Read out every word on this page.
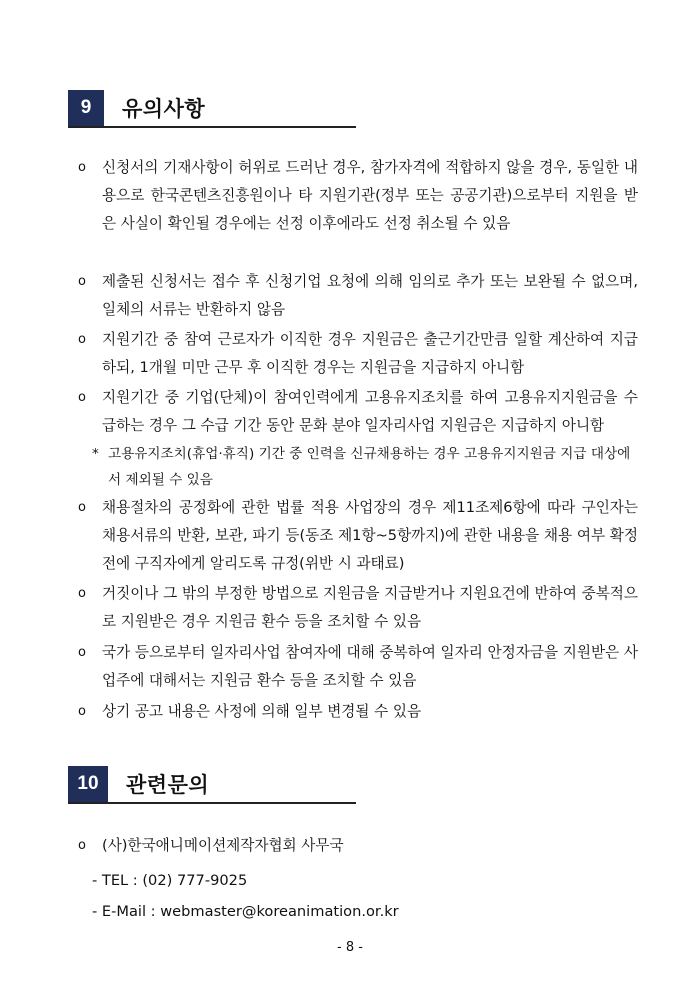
9	유의사항
o 신청서의 기재사항이 허위로 드러난 경우, 참가자격에 적합하지 않을 경우, 동일한 내용으로 한국콘텐츠진흥원이나 타 지원기관(정부 또는 공공기관)으로부터 지원을 받은 사실이 확인될 경우에는 선정 이후에라도 선정 취소될 수 있음
o 제출된 신청서는 접수 후 신청기업 요청에 의해 임의로 추가 또는 보완될 수 없으며, 일체의 서류는 반환하지 않음
o 지원기간 중 참여 근로자가 이직한 경우 지원금은 출근기간만큼 일할 계산하여 지급하되, 1개월 미만 근무 후 이직한 경우는 지원금을 지급하지 아니함
o 지원기간 중 기업(단체)이 참여인력에게 고용유지조치를 하여 고용유지지원금을 수급하는 경우 그 수급 기간 동안 문화 분야 일자리사업 지원금은 지급하지 아니함
* 고용유지조치(휴업·휴직) 기간 중 인력을 신규채용하는 경우 고용유지지원금 지급 대상에서 제외될 수 있음
o 채용절차의 공정화에 관한 법률 적용 사업장의 경우 제11조제6항에 따라 구인자는 채용서류의 반환, 보관, 파기 등(동조 제1항~5항까지)에 관한 내용을 채용 여부 확정 전에 구직자에게 알리도록 규정(위반 시 과태료)
o 거짓이나 그 밖의 부정한 방법으로 지원금을 지급받거나 지원요건에 반하여 중복적으로 지원받은 경우 지원금 환수 등을 조치할 수 있음
o 국가 등으로부터 일자리사업 참여자에 대해 중복하여 일자리 안정자금을 지원받은 사업주에 대해서는 지원금 환수 등을 조치할 수 있음
o 상기 공고 내용은 사정에 의해 일부 변경될 수 있음
10	관련문의
o (사)한국애니메이션제작자협회 사무국
- TEL : (02) 777-9025
- E-Mail : webmaster@koreanimation.or.kr
- 8 -
